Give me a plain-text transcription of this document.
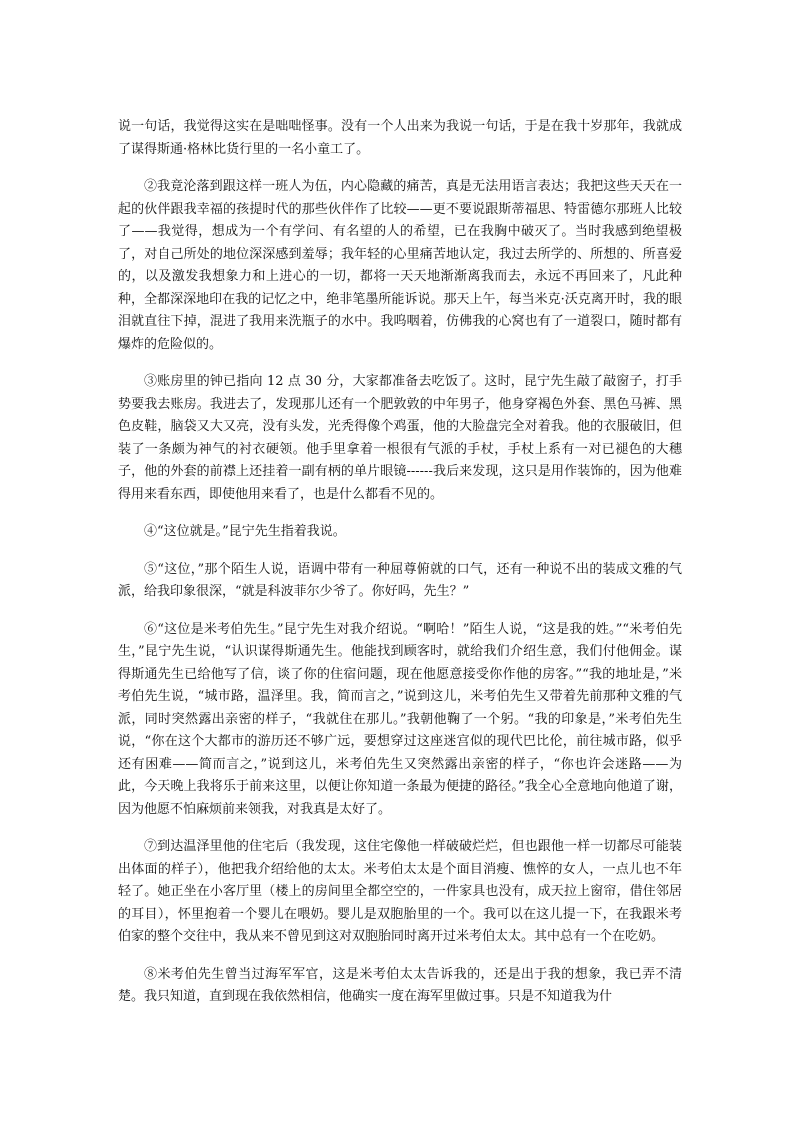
说一句话，我觉得这实在是咄咄怪事。没有一个人出来为我说一句话，于是在我十岁那年，我就成了谋得斯通·格林比货行里的一名小童工了。

②我竟沦落到跟这样一班人为伍，内心隐藏的痛苦，真是无法用语言表达；我把这些天天在一起的伙伴跟我幸福的孩提时代的那些伙伴作了比较——更不要说跟斯蒂福思、特雷德尔那班人比较了——我觉得，想成为一个有学问、有名望的人的希望，已在我胸中破灭了。当时我感到绝望极了，对自己所处的地位深深感到羞辱；我年轻的心里痛苦地认定，我过去所学的、所想的、所喜爱的，以及激发我想象力和上进心的一切，都将一天天地渐渐离我而去，永远不再回来了，凡此种种，全都深深地印在我的记忆之中，绝非笔墨所能诉说。那天上午，每当米克·沃克离开时，我的眼泪就直往下掉，混进了我用来洗瓶子的水中。我呜咽着，仿佛我的心窝也有了一道裂口，随时都有爆炸的危险似的。

③账房里的钟已指向 12 点 30 分，大家都准备去吃饭了。这时，昆宁先生敲了敲窗子，打手势要我去账房。我进去了，发现那儿还有一个肥敦敦的中年男子，他身穿褐色外套、黑色马裤、黑色皮鞋，脑袋又大又亮，没有头发，光秃得像个鸡蛋，他的大脸盘完全对着我。他的衣服破旧，但装了一条颇为神气的衬衣硬领。他手里拿着一根很有气派的手杖，手杖上系有一对已褪色的大穗子，他的外套的前襟上还挂着一副有柄的单片眼镜------我后来发现，这只是用作装饰的，因为他难得用来看东西，即使他用来看了，也是什么都看不见的。

④“这位就是。”昆宁先生指着我说。

⑤“这位，”那个陌生人说，语调中带有一种屈尊俯就的口气，还有一种说不出的装成文雅的气派，给我印象很深，“就是科波菲尔少爷了。你好吗，先生？”

⑥“这位是米考伯先生。”昆宁先生对我介绍说。“啊哈！”陌生人说，“这是我的姓。”“米考伯先生，”昆宁先生说，“认识谋得斯通先生。他能找到顾客时，就给我们介绍生意，我们付他佣金。谋得斯通先生已给他写了信，谈了你的住宿问题，现在他愿意接受你作他的房客。”“我的地址是，”米考伯先生说，“城市路，温泽里。我，简而言之，”说到这儿，米考伯先生又带着先前那种文雅的气派，同时突然露出亲密的样子，“我就住在那儿。”我朝他鞠了一个躬。“我的印象是，”米考伯先生说，“你在这个大都市的游历还不够广远，要想穿过这座迷宫似的现代巴比伦，前往城市路，似乎还有困难——简而言之，”说到这儿，米考伯先生又突然露出亲密的样子，“你也许会迷路——为此，今天晚上我将乐于前来这里，以便让你知道一条最为便捷的路径。”我全心全意地向他道了谢，因为他愿不怕麻烦前来领我，对我真是太好了。

⑦到达温泽里他的住宅后（我发现，这住宅像他一样破破烂烂，但也跟他一样一切都尽可能装出体面的样子），他把我介绍给他的太太。米考伯太太是个面目消瘦、憔悴的女人，一点儿也不年轻了。她正坐在小客厅里（楼上的房间里全都空空的，一件家具也没有，成天拉上窗帘，借住邻居的耳目），怀里抱着一个婴儿在喂奶。婴儿是双胞胎里的一个。我可以在这儿提一下，在我跟米考伯家的整个交往中，我从来不曾见到这对双胞胎同时离开过米考伯太太。其中总有一个在吃奶。

⑧米考伯先生曾当过海军军官，这是米考伯太太告诉我的，还是出于我的想象，我已弄不清楚。我只知道，直到现在我依然相信，他确实一度在海军里做过事。只是不知道我为什
